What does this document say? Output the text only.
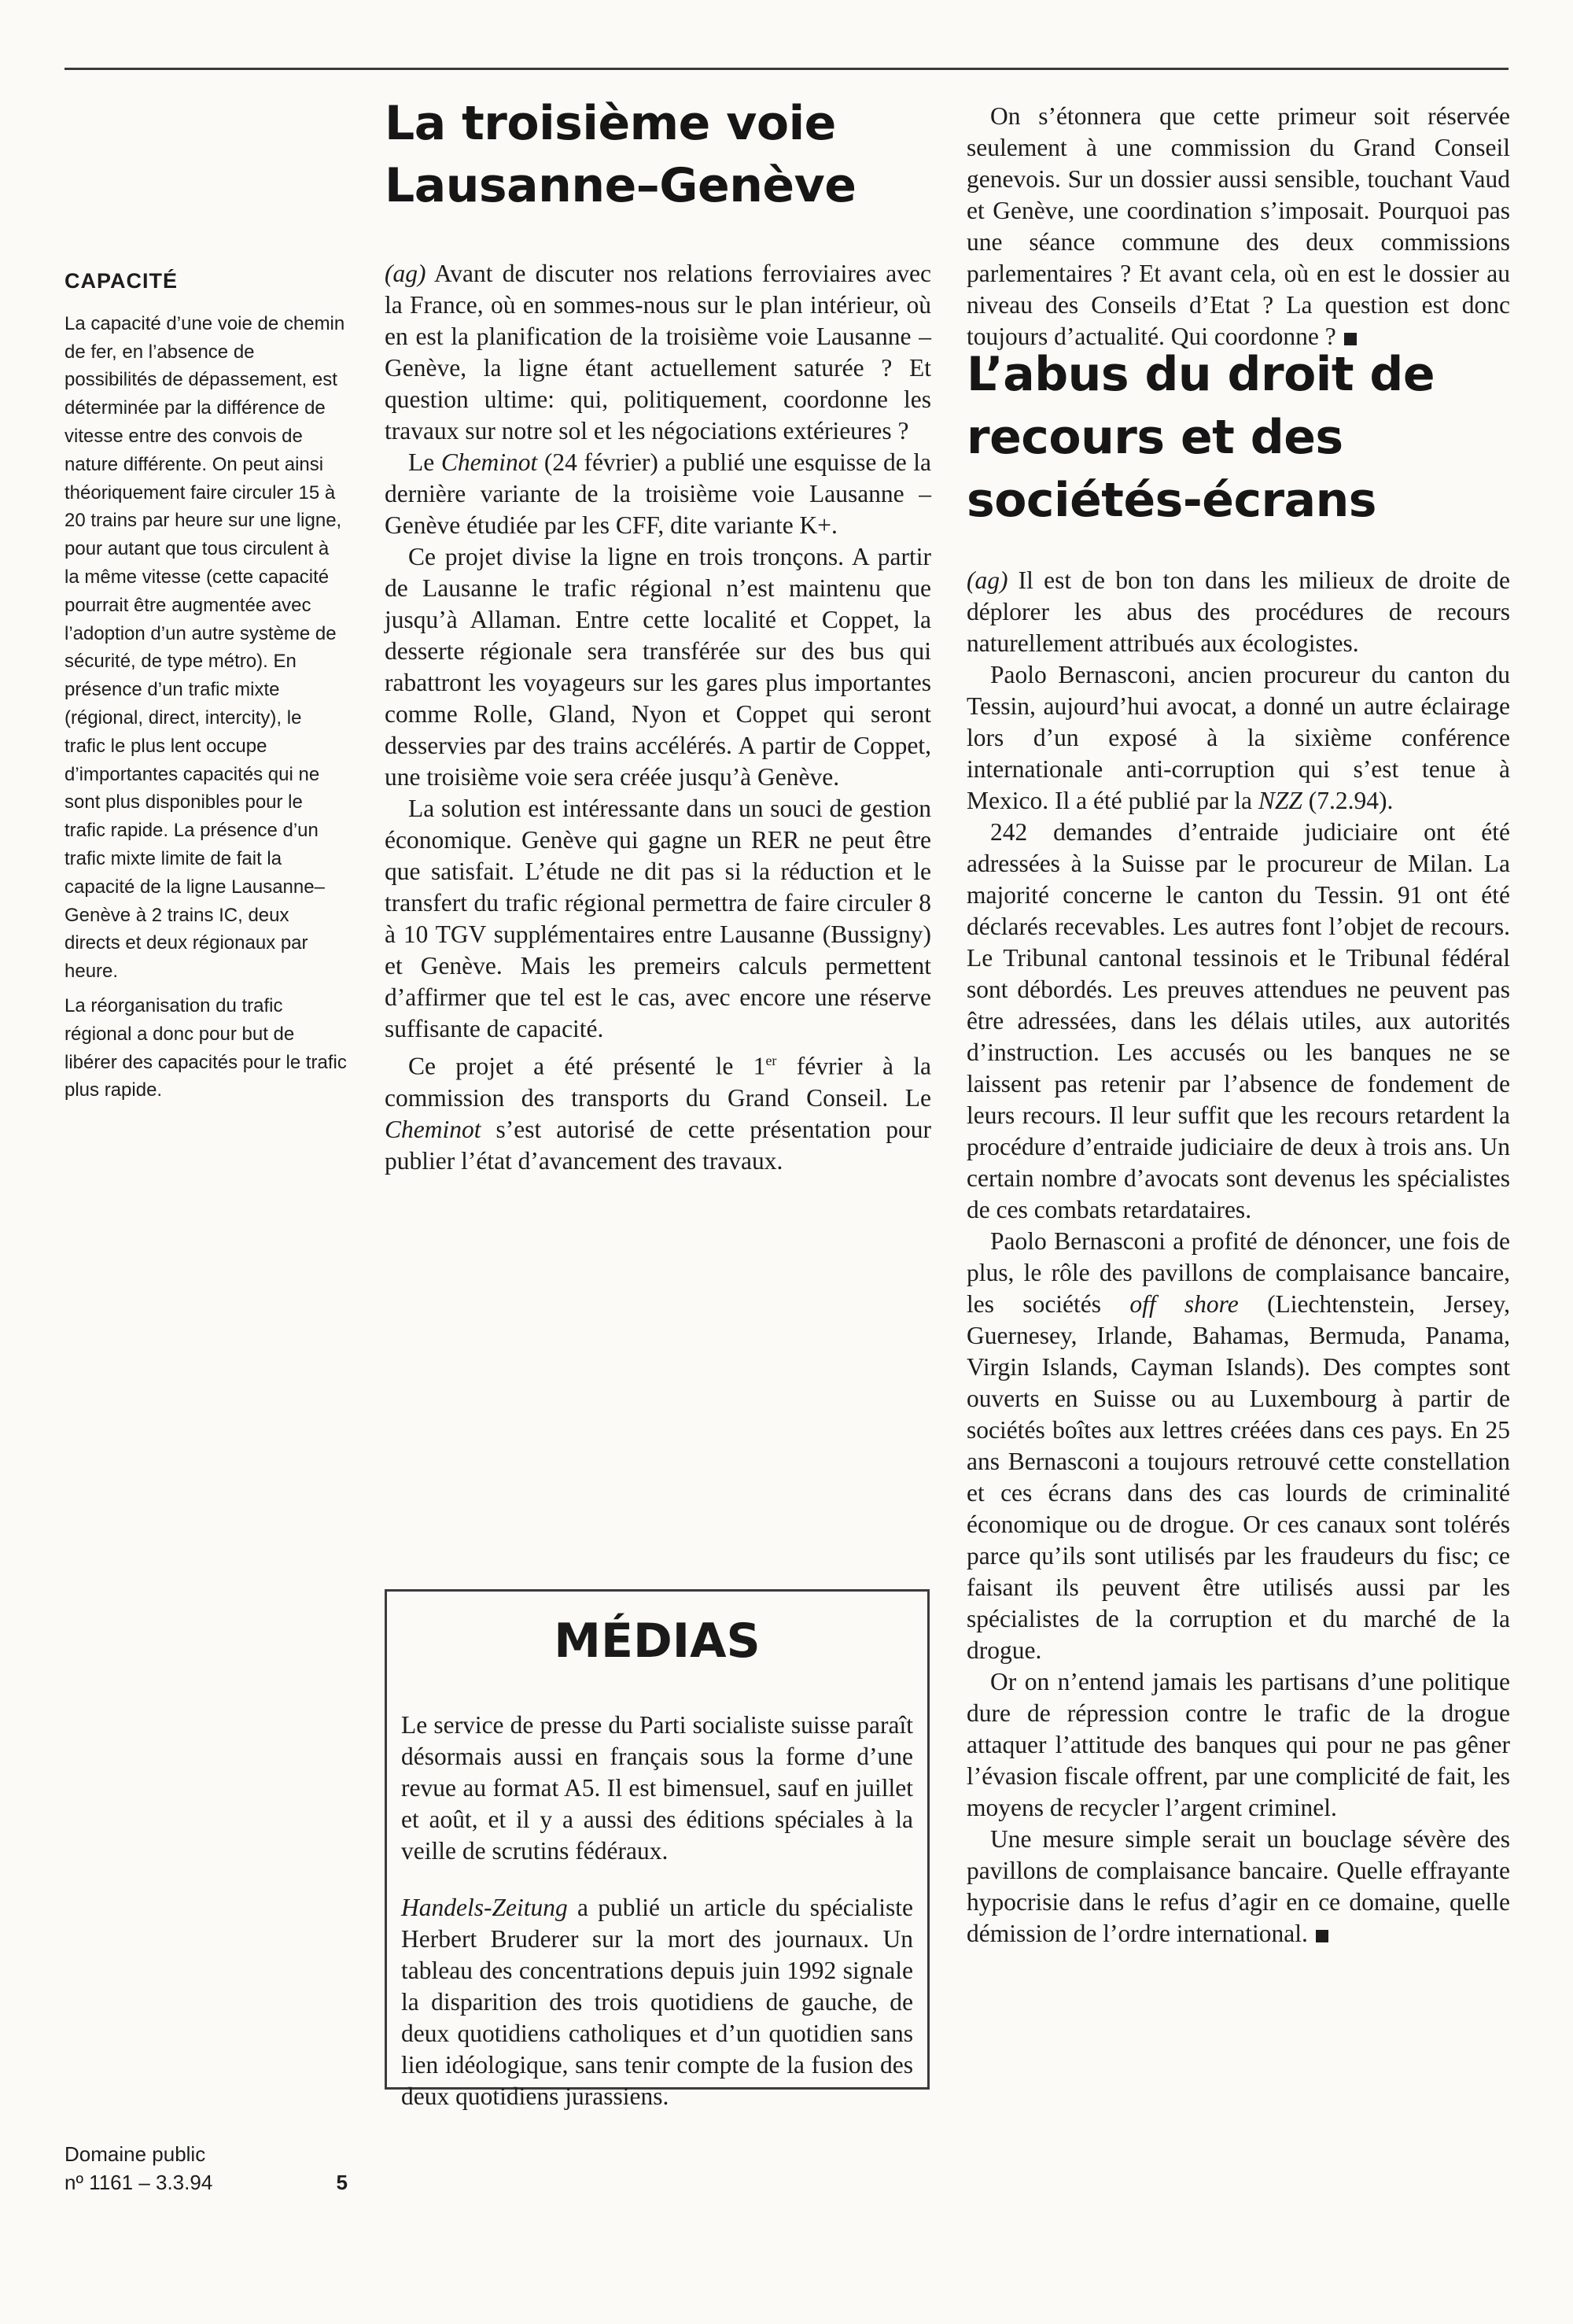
CAPACITÉ

La capacité d’une voie de chemin de fer, en l’absence de possibilités de dépassement, est déterminée par la différence de vitesse entre des convois de nature différente. On peut ainsi théoriquement faire circuler 15 à 20 trains par heure sur une ligne, pour autant que tous circulent à la même vitesse (cette capacité pourrait être augmentée avec l’adoption d’un autre système de sécurité, de type métro). En présence d’un trafic mixte (régional, direct, intercity), le trafic le plus lent occupe d’importantes capacités qui ne sont plus disponibles pour le trafic rapide. La présence d’un trafic mixte limite de fait la capacité de la ligne Lausanne–Genève à 2 trains IC, deux directs et deux régionaux par heure.

La réorganisation du trafic régional a donc pour but de libérer des capacités pour le trafic plus rapide.

Domaine public
nº 1161 – 3.3.94	5
La troisième voie Lausanne–Genève

(ag) Avant de discuter nos relations ferroviaires avec la France, où en sommes-nous sur le plan intérieur, où en est la planification de la troisième voie Lausanne – Genève, la ligne étant actuellement saturée ? Et question ultime: qui, politiquement, coordonne les travaux sur notre sol et les négociations extérieures ?

Le Cheminot (24 février) a publié une esquisse de la dernière variante de la troisième voie Lausanne – Genève étudiée par les CFF, dite variante K+.

Ce projet divise la ligne en trois tronçons. A partir de Lausanne le trafic régional n’est maintenu que jusqu’à Allaman. Entre cette localité et Coppet, la desserte régionale sera transférée sur des bus qui rabattront les voyageurs sur les gares plus importantes comme Rolle, Gland, Nyon et Coppet qui seront desservies par des trains accélérés. A partir de Coppet, une troisième voie sera créée jusqu’à Genève.

La solution est intéressante dans un souci de gestion économique. Genève qui gagne un RER ne peut être que satisfait. L’étude ne dit pas si la réduction et le transfert du trafic régional permettra de faire circuler 8 à 10 TGV supplémentaires entre Lausanne (Bussigny) et Genève. Mais les premeirs calculs permettent d’affirmer que tel est le cas, avec encore une réserve suffisante de capacité.

Ce projet a été présenté le 1er février à la commission des transports du Grand Conseil. Le Cheminot s’est autorisé de cette présentation pour publier l’état d’avancement des travaux.

On s’étonnera que cette primeur soit réservée seulement à une commission du Grand Conseil genevois. Sur un dossier aussi sensible, touchant Vaud et Genève, une coordination s’imposait. Pourquoi pas une séance commune des deux commissions parlementaires ? Et avant cela, où en est le dossier au niveau des Conseils d’Etat ? La question est donc toujours d’actualité. Qui coordonne ?

(ag) Il est de bon ton dans les milieux de droite de déplorer les abus des procédures de recours naturellement attribués aux écologistes.

Paolo Bernasconi, ancien procureur du canton du Tessin, aujourd’hui avocat, a donné un autre éclairage lors d’un exposé à la sixième conférence internationale anti-corruption qui s’est tenue à Mexico. Il a été publié par la NZZ (7.2.94).

242 demandes d’entraide judiciaire ont été adressées à la Suisse par le procureur de Milan. La majorité concerne le canton du Tessin. 91 ont été déclarés recevables. Les autres font l’objet de recours. Le Tribunal cantonal tessinois et le Tribunal fédéral sont débordés. Les preuves attendues ne peuvent pas être adressées, dans les délais utiles, aux autorités d’instruction. Les accusés ou les banques ne se laissent pas retenir par l’absence de fondement de leurs recours. Il leur suffit que les recours retardent la procédure d’entraide judiciaire de deux à trois ans. Un certain nombre d’avocats sont devenus les spécialistes de ces combats retardataires.

Paolo Bernasconi a profité de dénoncer, une fois de plus, le rôle des pavillons de complaisance bancaire, les sociétés off shore (Liechtenstein, Jersey, Guernesey, Irlande, Bahamas, Bermuda, Panama, Virgin Islands, Cayman Islands). Des comptes sont ouverts en Suisse ou au Luxembourg à partir de sociétés boîtes aux lettres créées dans ces pays. En 25 ans Bernasconi a toujours retrouvé cette constellation et ces écrans dans des cas lourds de criminalité économique ou de drogue. Or ces canaux sont tolérés parce qu’ils sont utilisés par les fraudeurs du fisc; ce faisant ils peuvent être utilisés aussi par les spécialistes de la corruption et du marché de la drogue.

Or on n’entend jamais les partisans d’une politique dure de répression contre le trafic de la drogue attaquer l’attitude des banques qui pour ne pas gêner l’évasion fiscale offrent, par une complicité de fait, les moyens de recycler l’argent criminel.

Une mesure simple serait un bouclage sévère des pavillons de complaisance bancaire. Quelle effrayante hypocrisie dans le refus d’agir en ce domaine, quelle démission de l’ordre international.

L’abus du droit de recours et des sociétés-écrans
MÉDIAS

Le service de presse du Parti socialiste suisse paraît désormais aussi en français sous la forme d’une revue au format A5. Il est bimensuel, sauf en juillet et août, et il y a aussi des éditions spéciales à la veille de scrutins fédéraux.

Handels-Zeitung a publié un article du spécialiste Herbert Bruderer sur la mort des journaux. Un tableau des concentrations depuis juin 1992 signale la disparition des trois quotidiens de gauche, de deux quotidiens catholiques et d’un quotidien sans lien idéologique, sans tenir compte de la fusion des deux quotidiens jurassiens.
